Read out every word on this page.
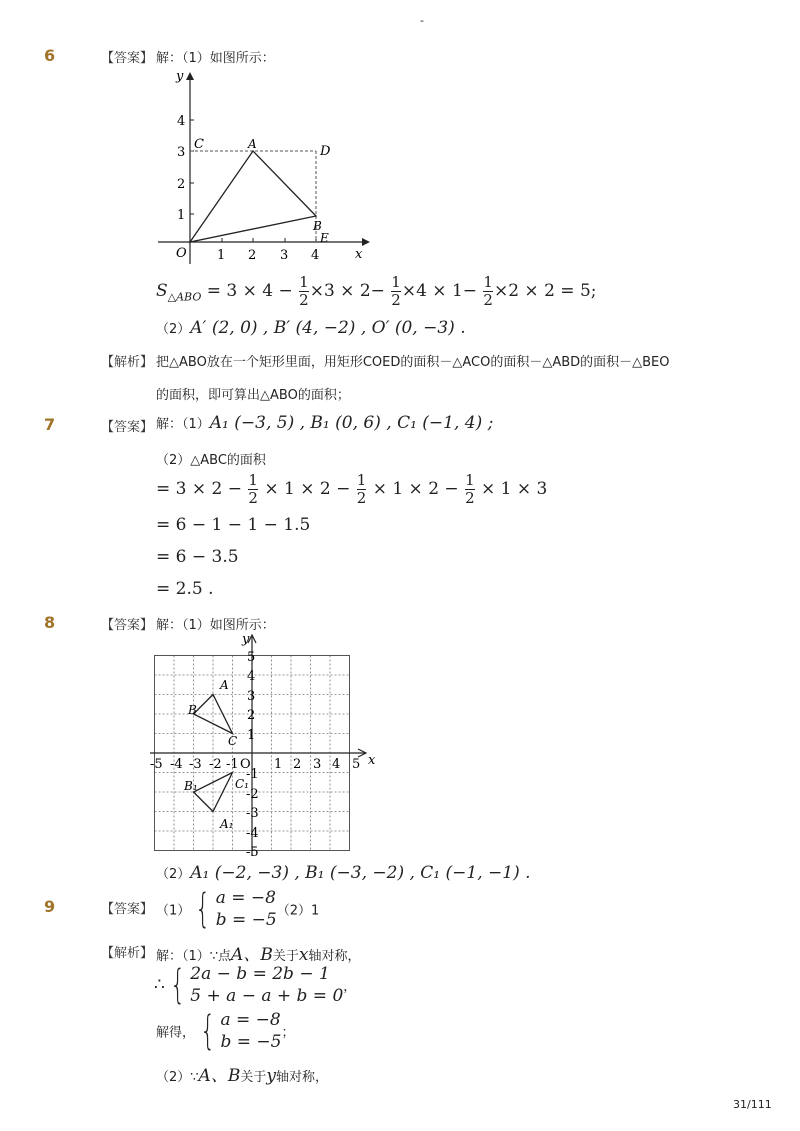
-
6	【答案】 解：（1）如图所示：
x
y
1 2 3 4
1
2
3
4
O
A
B
C	D
E
$S_{\triangle ABO} = 3 \times 4 - \frac{1}{2} \times 3 \times 2- \frac{1}{2} \times 4 \times 1- \frac{1}{2} \times 2 \times 2 = 5$;
（2）A′ (2, 0) , B′ (4, −2) , O′ (0, −3) .
【解析】 把△ABO放在一个矩形里面，用矩形COED的面积－△ACO的面积－△ABD的面积－△BEO
的面积，即可算出△ABO的面积；
7	【答案】 解：（1）A₁ (−3, 5) , B₁ (0, 6) , C₁ (−1, 4) ;
（2）△ABC的面积
= $3 \times 2 - \frac{1}{2} \times 1 \times 2 - \frac{1}{2} \times 1 \times 2 - \frac{1}{2} \times 1 \times 3$
= 6 − 1 − 1 − 1.5
= 6 − 3.5
= 2.5 .
8	【答案】 解：（1）如图所示：
x
y
-5 -4 -3 -2 -1 O 1 2 3 4 5
5
4
3
2
1
-1
-2
-3
-4
-5
A
B
C
A₁
B₁	C₁
（2）A₁ (−2, −3) , B₁ (−3, −2) , C₁ (−1, −1) .
9	【答案】 （1） { a = −8
b = −5 （2）1
【解析】 解：（1）∵点A、B关于x轴对称，
∴ { 2a − b = 2b − 1
5 + a − a + b = 0 ，
解得， { a = −8
b = −5 ；
（2）∵A、B关于y轴对称，
31/111
